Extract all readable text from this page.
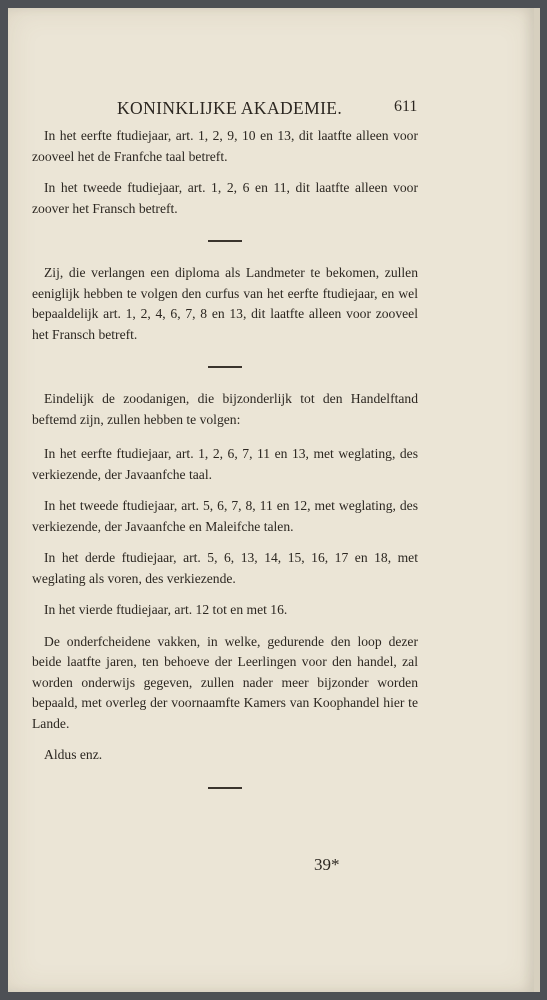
KONINKLIJKE AKADEMIE.	611

In het eerfte ftudiejaar, art. 1, 2, 9, 10 en 13, dit laatfte alleen voor zooveel het de Franfche taal betreft.

In het tweede ftudiejaar, art. 1, 2, 6 en 11, dit laatfte alleen voor zoover het Fransch betreft.

Zij, die verlangen een diploma als Landmeter te bekomen, zullen eeniglijk hebben te volgen den curfus van het eerfte ftudiejaar, en wel bepaaldelijk art. 1, 2, 4, 6, 7, 8 en 13, dit laatfte alleen voor zooveel het Fransch betreft.

Eindelijk de zoodanigen, die bijzonderlijk tot den Handelftand beftemd zijn, zullen hebben te volgen:

In het eerfte ftudiejaar, art. 1, 2, 6, 7, 11 en 13, met weglating, des verkiezende, der Javaanfche taal.

In het tweede ftudiejaar, art. 5, 6, 7, 8, 11 en 12, met weglating, des verkiezende, der Javaanfche en Maleifche talen.

In het derde ftudiejaar, art. 5, 6, 13, 14, 15, 16, 17 en 18, met weglating als voren, des verkiezende.

In het vierde ftudiejaar, art. 12 tot en met 16.

De onderfcheidene vakken, in welke, gedurende den loop dezer beide laatfte jaren, ten behoeve der Leerlingen voor den handel, zal worden onderwijs gegeven, zullen nader meer bijzonder worden bepaald, met overleg der voornaamfte Kamers van Koophandel hier te Lande.

Aldus enz.

39*
